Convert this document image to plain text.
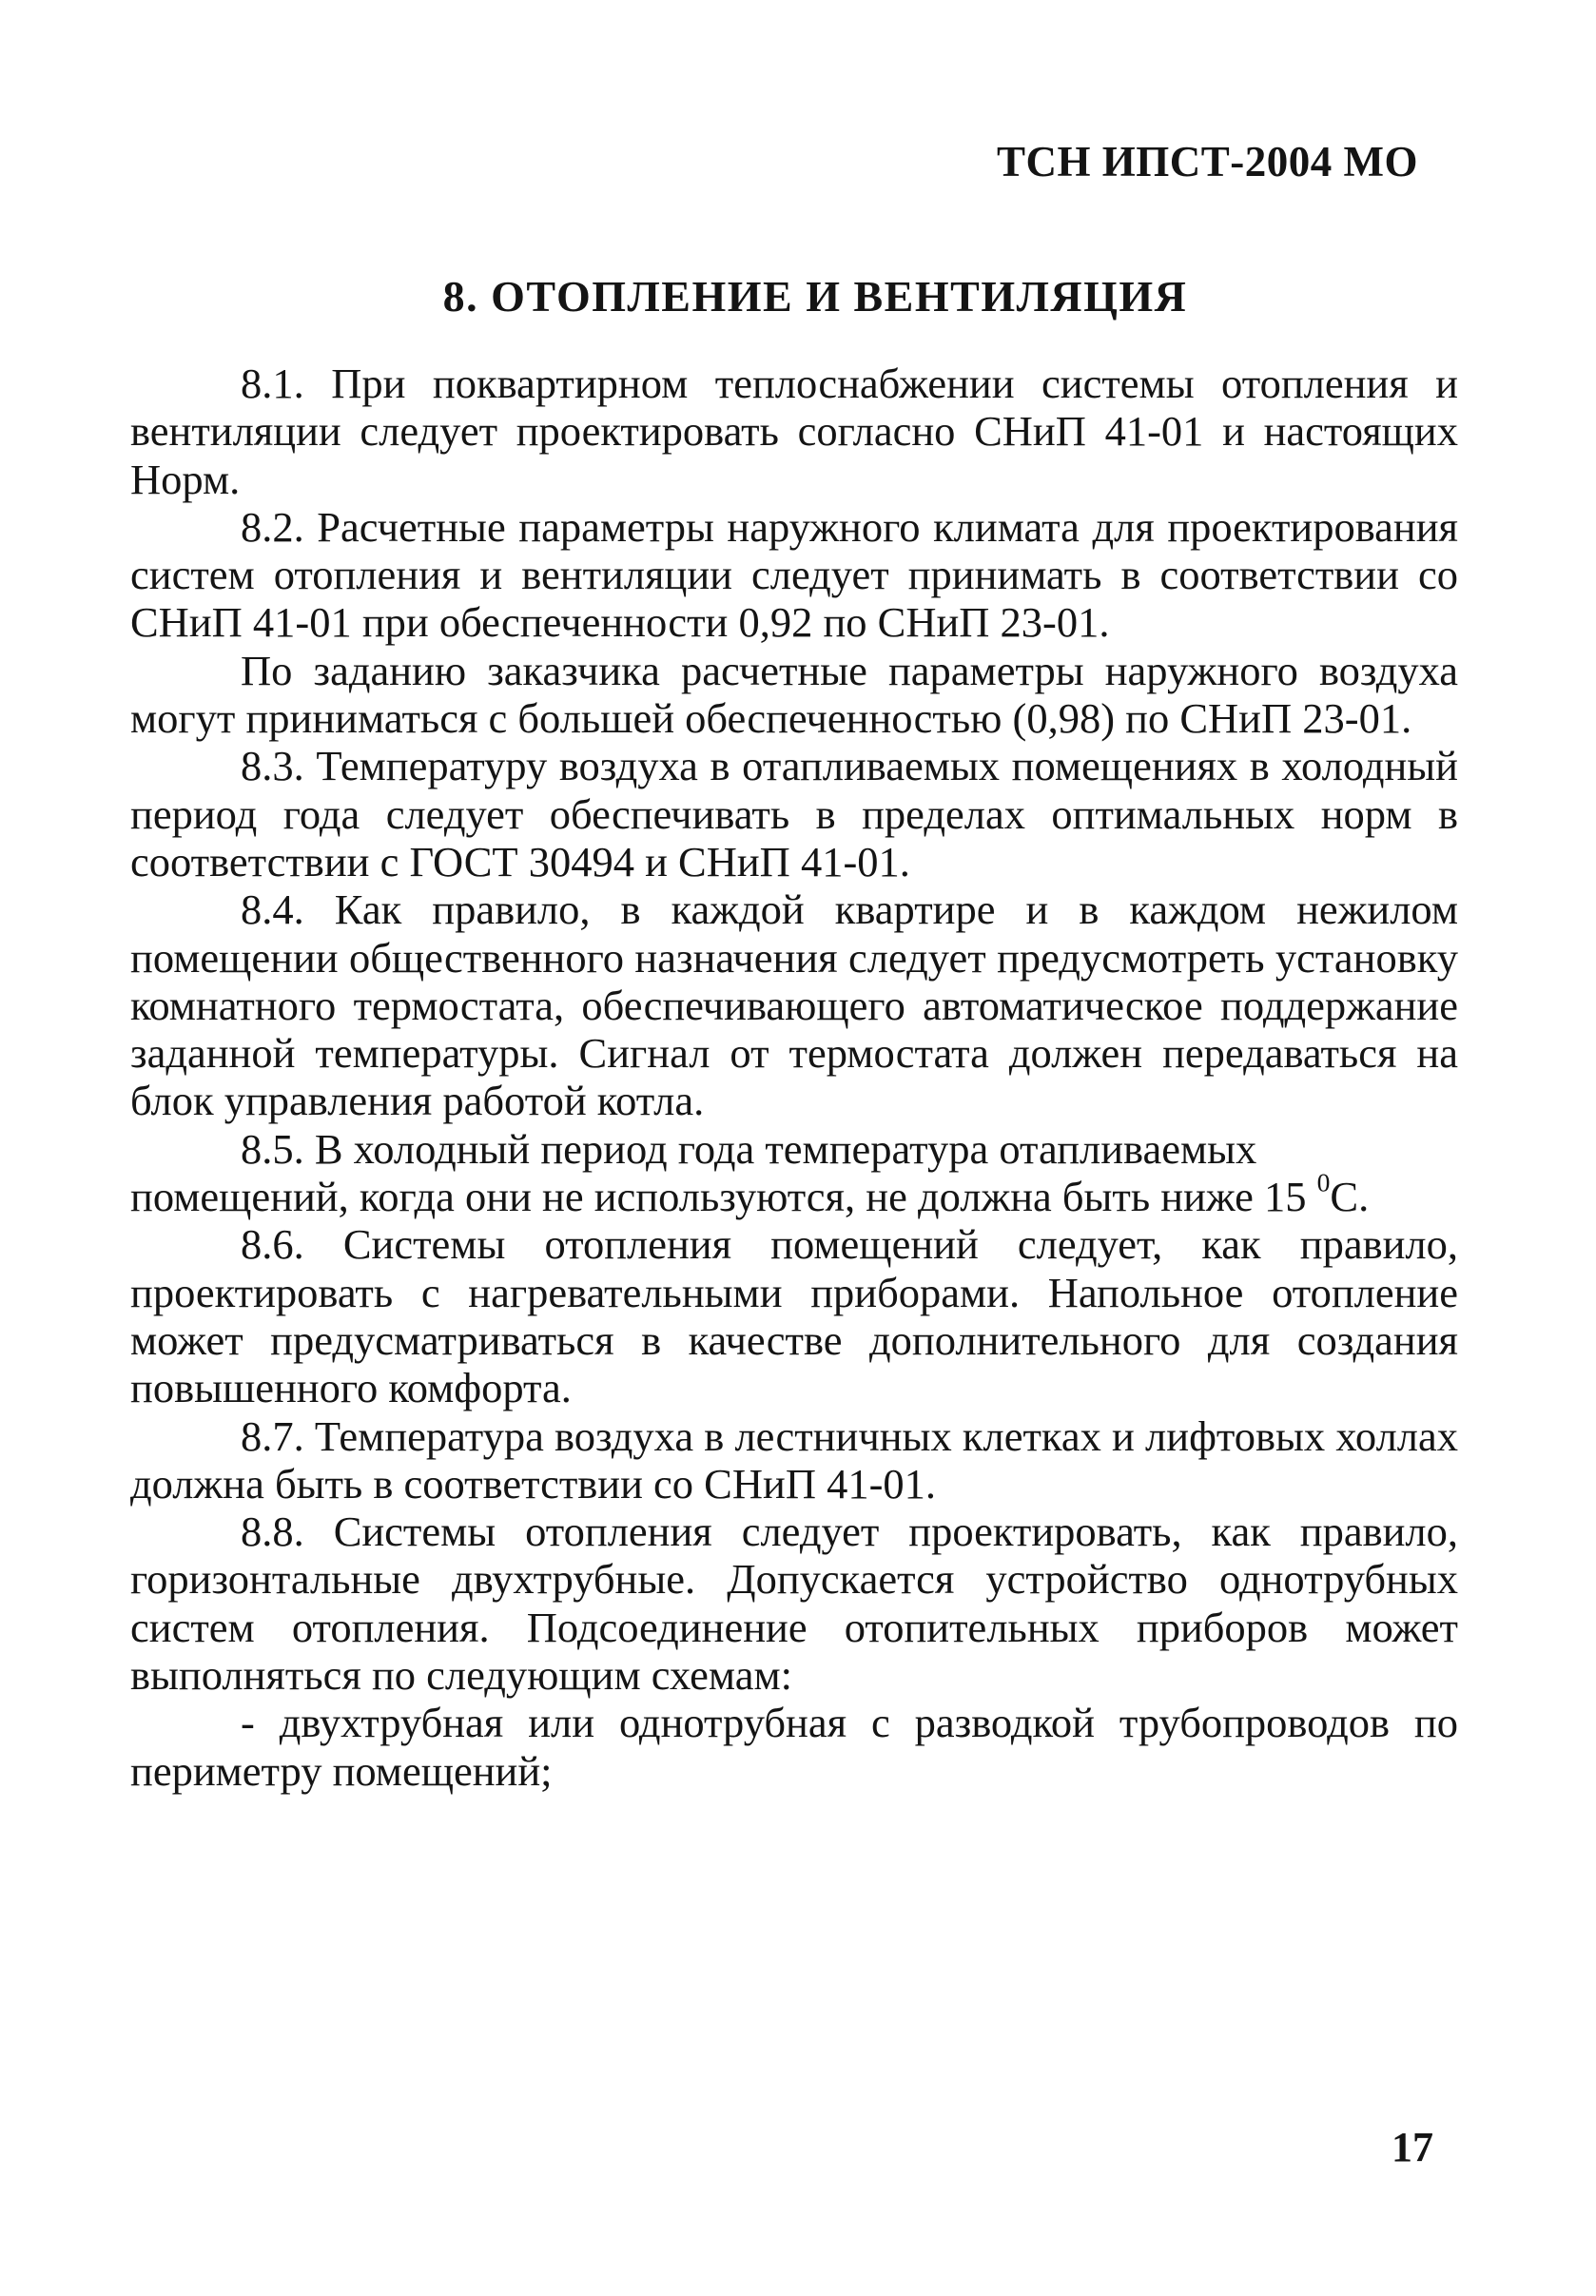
ТСН ИПСТ-2004 МО
8. ОТОПЛЕНИЕ И ВЕНТИЛЯЦИЯ

8.1. При поквартирном теплоснабжении системы отопления и вентиляции следует проектировать согласно СНиП 41-01 и настоящих Норм.

8.2. Расчетные параметры наружного климата для проектирования систем отопления и вентиляции следует принимать в соответствии со СНиП 41-01 при обеспеченности 0,92 по СНиП 23-01.

По заданию заказчика расчетные параметры наружного воздуха могут приниматься с большей обеспеченностью (0,98) по СНиП 23-01.

8.3. Температуру воздуха в отапливаемых помещениях в холодный период года следует обеспечивать в пределах оптимальных норм в соответствии с ГОСТ 30494 и СНиП 41-01.

8.4. Как правило, в каждой квартире и в каждом нежилом помещении общественного назначения следует предусмотреть установку комнатного термостата, обеспечивающего автоматическое поддержание заданной температуры. Сигнал от термостата должен передаваться на блок управления работой котла.

8.5. В холодный период года температура отапливаемых помещений, когда они не используются, не должна быть ниже 15 $^0$С.

8.6. Системы отопления помещений следует, как правило, проектировать с нагревательными приборами. Напольное отопление может предусматриваться в качестве дополнительного для создания повышенного комфорта.

8.7. Температура воздуха в лестничных клетках и лифтовых холлах должна быть в соответствии со СНиП 41-01.

8.8. Системы отопления следует проектировать, как правило, горизонтальные двухтрубные. Допускается устройство однотрубных систем отопления. Подсоединение отопительных приборов может выполняться по следующим схемам:

- двухтрубная или однотрубная с разводкой трубопроводов по периметру помещений;

17
